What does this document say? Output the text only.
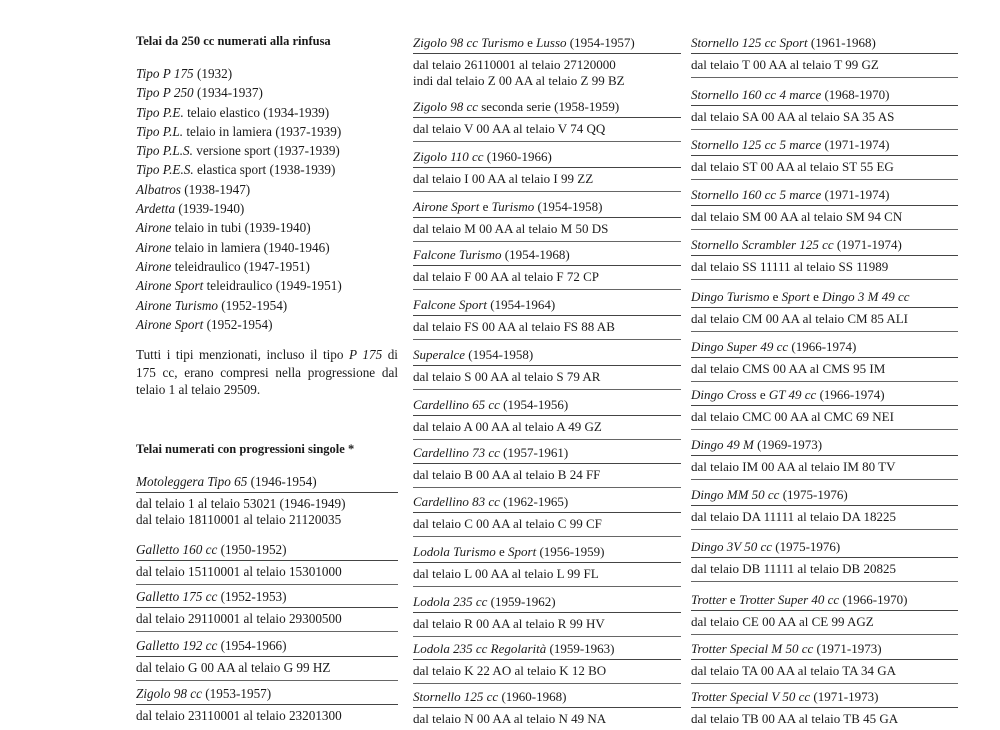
Telai da 250 cc numerati alla rinfusa
Tipo P 175 (1932)
Tipo P 250 (1934-1937)
Tipo P.E. telaio elastico (1934-1939)
Tipo P.L. telaio in lamiera (1937-1939)
Tipo P.L.S. versione sport (1937-1939)
Tipo P.E.S. elastica sport (1938-1939)
Albatros (1938-1947)
Ardetta (1939-1940)
Airone telaio in tubi (1939-1940)
Airone telaio in lamiera (1940-1946)
Airone teleidraulico (1947-1951)
Airone Sport teleidraulico (1949-1951)
Airone Turismo (1952-1954)
Airone Sport (1952-1954)
Tutti i tipi menzionati, incluso il tipo P 175 di 175 cc, erano compresi nella progressione dal telaio 1 al telaio 29509.
Telai numerati con progressioni singole *
Motoleggera Tipo 65 (1946-1954)
dal telaio 1 al telaio 53021 (1946-1949)
dal telaio 18110001 al telaio 21120035
Galletto 160 cc (1950-1952)
dal telaio 15110001 al telaio 15301000
Galletto 175 cc (1952-1953)
dal telaio 29110001 al telaio 29300500
Galletto 192 cc (1954-1966)
dal telaio G 00 AA al telaio G 99 HZ
Zigolo 98 cc (1953-1957)
dal telaio 23110001 al telaio 23201300
Zigolo 98 cc Turismo e Lusso (1954-1957)
dal telaio 26110001 al telaio 27120000
indi dal telaio Z 00 AA al telaio Z 99 BZ
Zigolo 98 cc seconda serie (1958-1959)
dal telaio V 00 AA al telaio V 74 QQ
Zigolo 110 cc (1960-1966)
dal telaio I 00 AA al telaio I 99 ZZ
Airone Sport e Turismo (1954-1958)
dal telaio M 00 AA al telaio M 50 DS
Falcone Turismo (1954-1968)
dal telaio F 00 AA al telaio F 72 CP
Falcone Sport (1954-1964)
dal telaio FS 00 AA al telaio FS 88 AB
Superalce (1954-1958)
dal telaio S 00 AA al telaio S 79 AR
Cardellino 65 cc (1954-1956)
dal telaio A 00 AA al telaio A 49 GZ
Cardellino 73 cc (1957-1961)
dal telaio B 00 AA al telaio B 24 FF
Cardellino 83 cc (1962-1965)
dal telaio C 00 AA al telaio C 99 CF
Lodola Turismo e Sport (1956-1959)
dal telaio L 00 AA al telaio L 99 FL
Lodola 235 cc (1959-1962)
dal telaio R 00 AA al telaio R 99 HV
Lodola 235 cc Regolarità (1959-1963)
dal telaio K 22 AO al telaio K 12 BO
Stornello 125 cc (1960-1968)
dal telaio N 00 AA al telaio N 49 NA
Stornello 125 cc Sport (1961-1968)
dal telaio T 00 AA al telaio T 99 GZ
Stornello 160 cc 4 marce (1968-1970)
dal telaio SA 00 AA al telaio SA 35 AS
Stornello 125 cc 5 marce (1971-1974)
dal telaio ST 00 AA al telaio ST 55 EG
Stornello 160 cc 5 marce (1971-1974)
dal telaio SM 00 AA al telaio SM 94 CN
Stornello Scrambler 125 cc (1971-1974)
dal telaio SS 11111 al telaio SS 11989
Dingo Turismo e Sport e Dingo 3 M 49 cc
dal telaio CM 00 AA al telaio CM 85 ALI
Dingo Super 49 cc (1966-1974)
dal telaio CMS 00 AA al CMS 95 IM
Dingo Cross e GT 49 cc (1966-1974)
dal telaio CMC 00 AA al CMC 69 NEI
Dingo 49 M (1969-1973)
dal telaio IM 00 AA al telaio IM 80 TV
Dingo MM 50 cc (1975-1976)
dal telaio DA 11111 al telaio DA 18225
Dingo 3V 50 cc (1975-1976)
dal telaio DB 11111 al telaio DB 20825
Trotter e Trotter Super 40 cc (1966-1970)
dal telaio CE 00 AA al CE 99 AGZ
Trotter Special M 50 cc (1971-1973)
dal telaio TA 00 AA al telaio TA 34 GA
Trotter Special V 50 cc (1971-1973)
dal telaio TB 00 AA al telaio TB 45 GA
